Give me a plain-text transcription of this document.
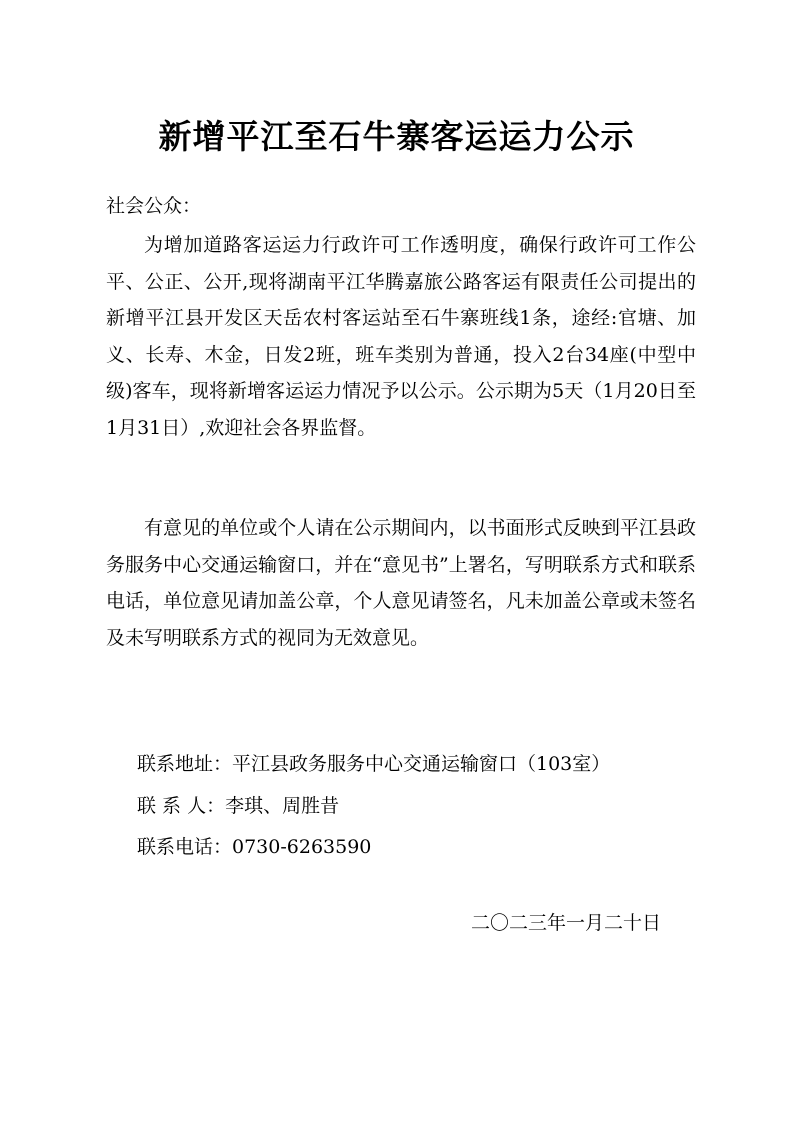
新增平江至石牛寨客运运力公示

社会公众：

为增加道路客运运力行政许可工作透明度，确保行政许可工作公平、公正、公开,现将湖南平江华腾嘉旅公路客运有限责任公司提出的新增平江县开发区天岳农村客运站至石牛寨班线1条，途经:官塘、加义、长寿、木金，日发2班，班车类别为普通，投入2台34座(中型中级)客车，现将新增客运运力情况予以公示。公示期为5天（1月20日至1月31日）,欢迎社会各界监督。

有意见的单位或个人请在公示期间内，以书面形式反映到平江县政务服务中心交通运输窗口，并在“意见书”上署名，写明联系方式和联系电话，单位意见请加盖公章，个人意见请签名，凡未加盖公章或未签名及未写明联系方式的视同为无效意见。

联系地址：平江县政务服务中心交通运输窗口（103室）

联 系 人：李琪、周胜昔

联系电话：0730-6263590

二〇二三年一月二十日
